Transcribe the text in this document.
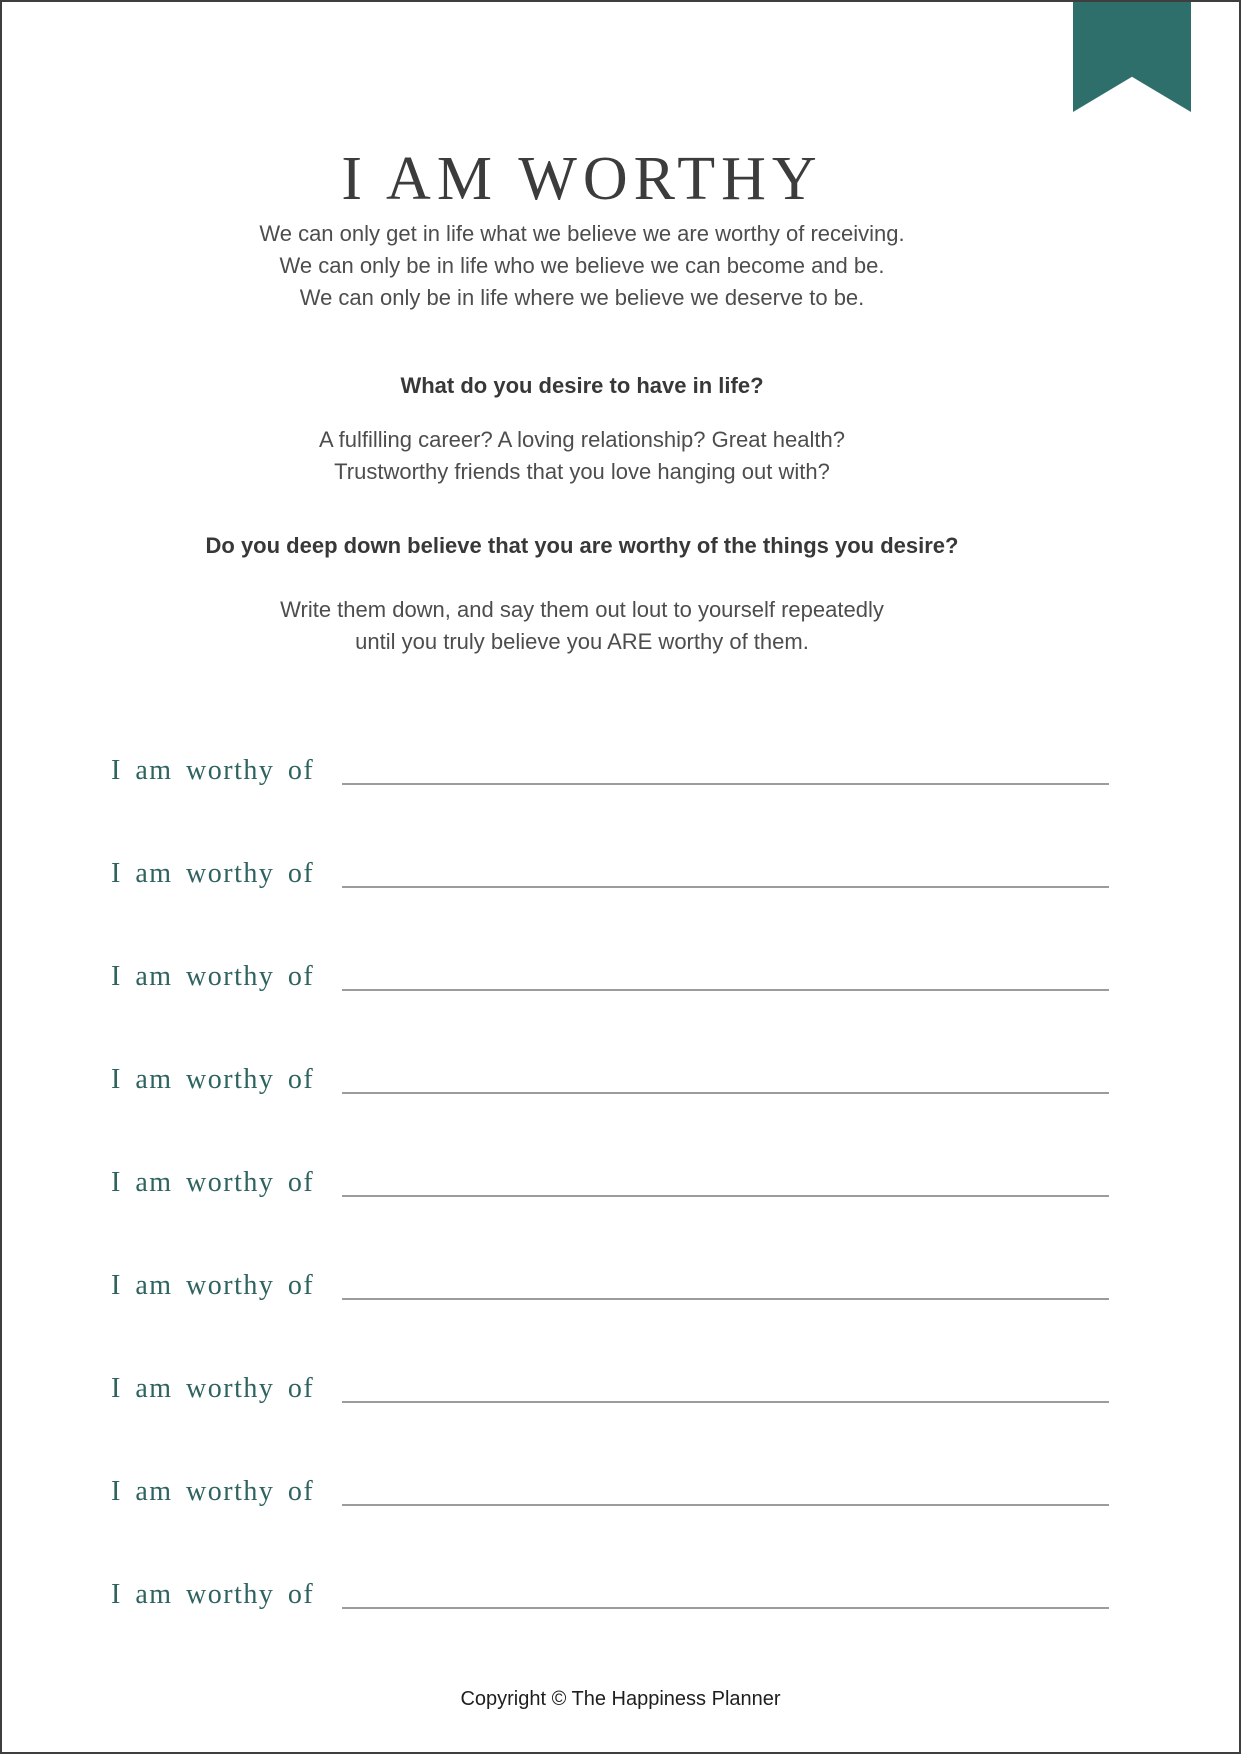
I AM WORTHY
We can only get in life what we believe we are worthy of receiving.
We can only be in life who we believe we can become and be.
We can only be in life where we believe we deserve to be.
What do you desire to have in life?
A fulfilling career? A loving relationship? Great health?
Trustworthy friends that you love hanging out with?
Do you deep down believe that you are worthy of the things you desire?
Write them down, and say them out lout to yourself repeatedly
until you truly believe you ARE worthy of them.
I am worthy of
I am worthy of
I am worthy of
I am worthy of
I am worthy of
I am worthy of
I am worthy of
I am worthy of
I am worthy of
Copyright © The Happiness Planner
